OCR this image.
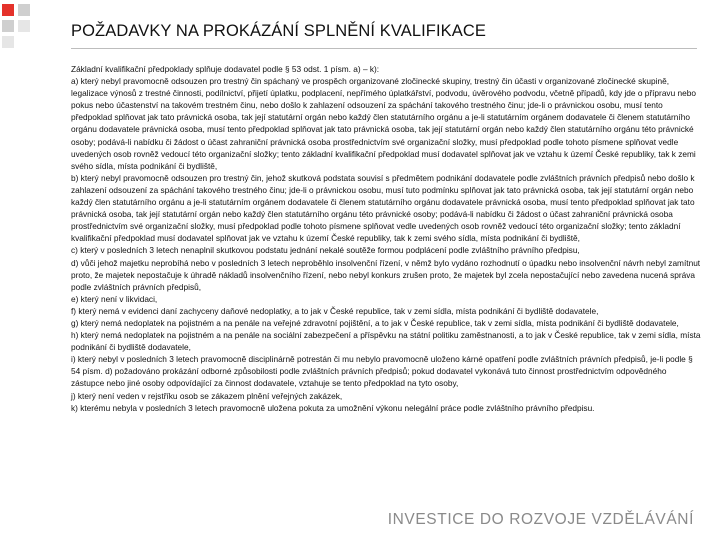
POŽADAVKY NA PROKÁZÁNÍ SPLNĚNÍ KVALIFIKACE

Základní kvalifikační předpoklady splňuje dodavatel podle § 53 odst. 1 písm. a) – k):

a) který nebyl pravomocně odsouzen pro trestný čin spáchaný ve prospěch organizované zločinecké skupiny, trestný čin účasti v organizované zločinecké skupině, legalizace výnosů z trestné činnosti, podílnictví, přijetí úplatku, podplacení, nepřímého úplatkářství, podvodu, úvěrového podvodu, včetně případů, kdy jde o přípravu nebo pokus nebo účastenství na takovém trestném činu, nebo došlo k zahlazení odsouzení za spáchání takového trestného činu; jde-li o právnickou osobu, musí tento předpoklad splňovat jak tato právnická osoba, tak její statutární orgán nebo každý člen statutárního orgánu a je-li statutárním orgánem dodavatele či členem statutárního orgánu dodavatele právnická osoba, musí tento předpoklad splňovat jak tato právnická osoba, tak její statutární orgán nebo každý člen statutárního orgánu této právnické osoby; podává-li nabídku či žádost o účast zahraniční právnická osoba prostřednictvím své organizační složky, musí předpoklad podle tohoto písmene splňovat vedle uvedených osob rovněž vedoucí této organizační složky; tento základní kvalifikační předpoklad musí dodavatel splňovat jak ve vztahu k území České republiky, tak k zemi svého sídla, místa podnikání či bydliště,

b) který nebyl pravomocně odsouzen pro trestný čin, jehož skutková podstata souvisí s předmětem podnikání dodavatele podle zvláštních právních předpisů nebo došlo k zahlazení odsouzení za spáchání takového trestného činu; jde-li o právnickou osobu, musí tuto podmínku splňovat jak tato právnická osoba, tak její statutární orgán nebo každý člen statutárního orgánu a je-li statutárním orgánem dodavatele či členem statutárního orgánu dodavatele právnická osoba, musí tento předpoklad splňovat jak tato právnická osoba, tak její statutární orgán nebo každý člen statutárního orgánu této právnické osoby; podává-li nabídku či žádost o účast zahraniční právnická osoba prostřednictvím své organizační složky, musí předpoklad podle tohoto písmene splňovat vedle uvedených osob rovněž vedoucí této organizační složky; tento základní kvalifikační předpoklad musí dodavatel splňovat jak ve vztahu k území České republiky, tak k zemi svého sídla, místa podnikání či bydliště,

c) který v posledních 3 letech nenaplnil skutkovou podstatu jednání nekalé soutěže formou podplácení podle zvláštního právního předpisu,

d) vůči jehož majetku neprobíhá nebo v posledních 3 letech neproběhlo insolvenční řízení, v němž bylo vydáno rozhodnutí o úpadku nebo insolvenční návrh nebyl zamítnut proto, že majetek nepostačuje k úhradě nákladů insolvenčního řízení, nebo nebyl konkurs zrušen proto, že majetek byl zcela nepostačující nebo zavedena nucená správa podle zvláštních právních předpisů,

e) který není v likvidaci,

f) který nemá v evidenci daní zachyceny daňové nedoplatky, a to jak v České republice, tak v zemi sídla, místa podnikání či bydliště dodavatele,

g) který nemá nedoplatek na pojistném a na penále na veřejné zdravotní pojištění, a to jak v České republice, tak v zemi sídla, místa podnikání či bydliště dodavatele,

h) který nemá nedoplatek na pojistném a na penále na sociální zabezpečení a příspěvku na státní politiku zaměstnanosti, a to jak v České republice, tak v zemi sídla, místa podnikání či bydliště dodavatele,

i) který nebyl v posledních 3 letech pravomocně disciplinárně potrestán či mu nebylo pravomocně uloženo kárné opatření podle zvláštních právních předpisů, je-li podle § 54 písm. d) požadováno prokázání odborné způsobilosti podle zvláštních právních předpisů; pokud dodavatel vykonává tuto činnost prostřednictvím odpovědného zástupce nebo jiné osoby odpovídající za činnost dodavatele, vztahuje se tento předpoklad na tyto osoby,

j) který není veden v rejstříku osob se zákazem plnění veřejných zakázek,

k) kterému nebyla v posledních 3 letech pravomocně uložena pokuta za umožnění výkonu nelegální práce podle zvláštního právního předpisu.

INVESTICE DO ROZVOJE VZDĚLÁVÁNÍ
